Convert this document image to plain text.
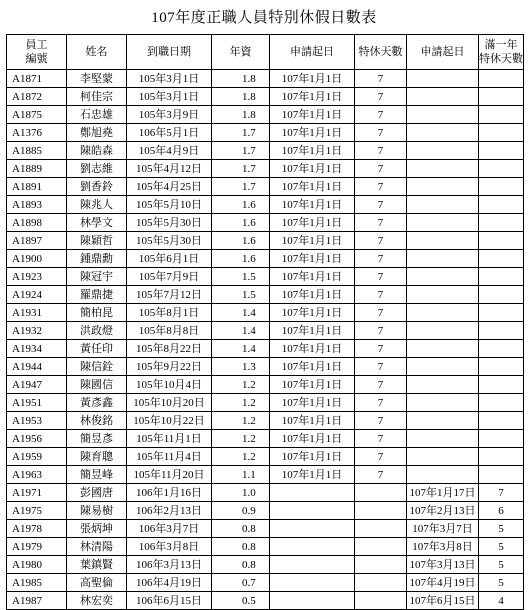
107年度正職人員特別休假日數表
員工
編號	姓名	到職日期	年資	申請起日	特休天數	申請起日	滿一年
特休天數
A1871	李堅蒙	105年3月1日	1.8	107年1月1日	7		
A1872	柯佳宗	105年3月1日	1.8	107年1月1日	7		
A1875	石忠雄	105年3月9日	1.8	107年1月1日	7		
A1376	鄭旭堯	106年5月1日	1.7	107年1月1日	7		
A1885	陳皓森	105年4月9日	1.7	107年1月1日	7		
A1889	劉志維	105年4月12日	1.7	107年1月1日	7		
A1891	劉香鈴	105年4月25日	1.7	107年1月1日	7		
A1893	陳兆人	105年5月10日	1.6	107年1月1日	7		
A1898	林學文	105年5月30日	1.6	107年1月1日	7		
A1897	陳穎哲	105年5月30日	1.6	107年1月1日	7		
A1900	鍾鼎勳	105年6月1日	1.6	107年1月1日	7		
A1923	陳冠宇	105年7月9日	1.5	107年1月1日	7		
A1924	羅鼎捷	105年7月12日	1.5	107年1月1日	7		
A1931	簡柏昆	105年8月1日	1.4	107年1月1日	7		
A1932	洪政燈	105年8月8日	1.4	107年1月1日	7		
A1934	黃任印	105年8月22日	1.4	107年1月1日	7		
A1944	陳信銓	105年9月22日	1.3	107年1月1日	7		
A1947	陳國信	105年10月4日	1.2	107年1月1日	7		
A1951	黃彥鑫	105年10月20日	1.2	107年1月1日	7		
A1953	林俊銘	105年10月22日	1.2	107年1月1日	7		
A1956	簡昱彥	105年11月1日	1.2	107年1月1日	7		
A1959	陳育聰	105年11月4日	1.2	107年1月1日	7		
A1963	簡昱峰	105年11月20日	1.1	107年1月1日	7		
A1971	彭國唐	106年1月16日	1.0			107年1月17日	7
A1975	陳易樹	106年2月13日	0.9			107年2月13日	6
A1978	張炳坤	106年3月7日	0.8			107年3月7日	5
A1979	林清陽	106年3月8日	0.8			107年3月8日	5
A1980	葉鎮賢	106年3月13日	0.8			107年3月13日	5
A1985	高聖倫	106年4月19日	0.7			107年4月19日	5
A1987	林宏奕	106年6月15日	0.5			107年6月15日	4
